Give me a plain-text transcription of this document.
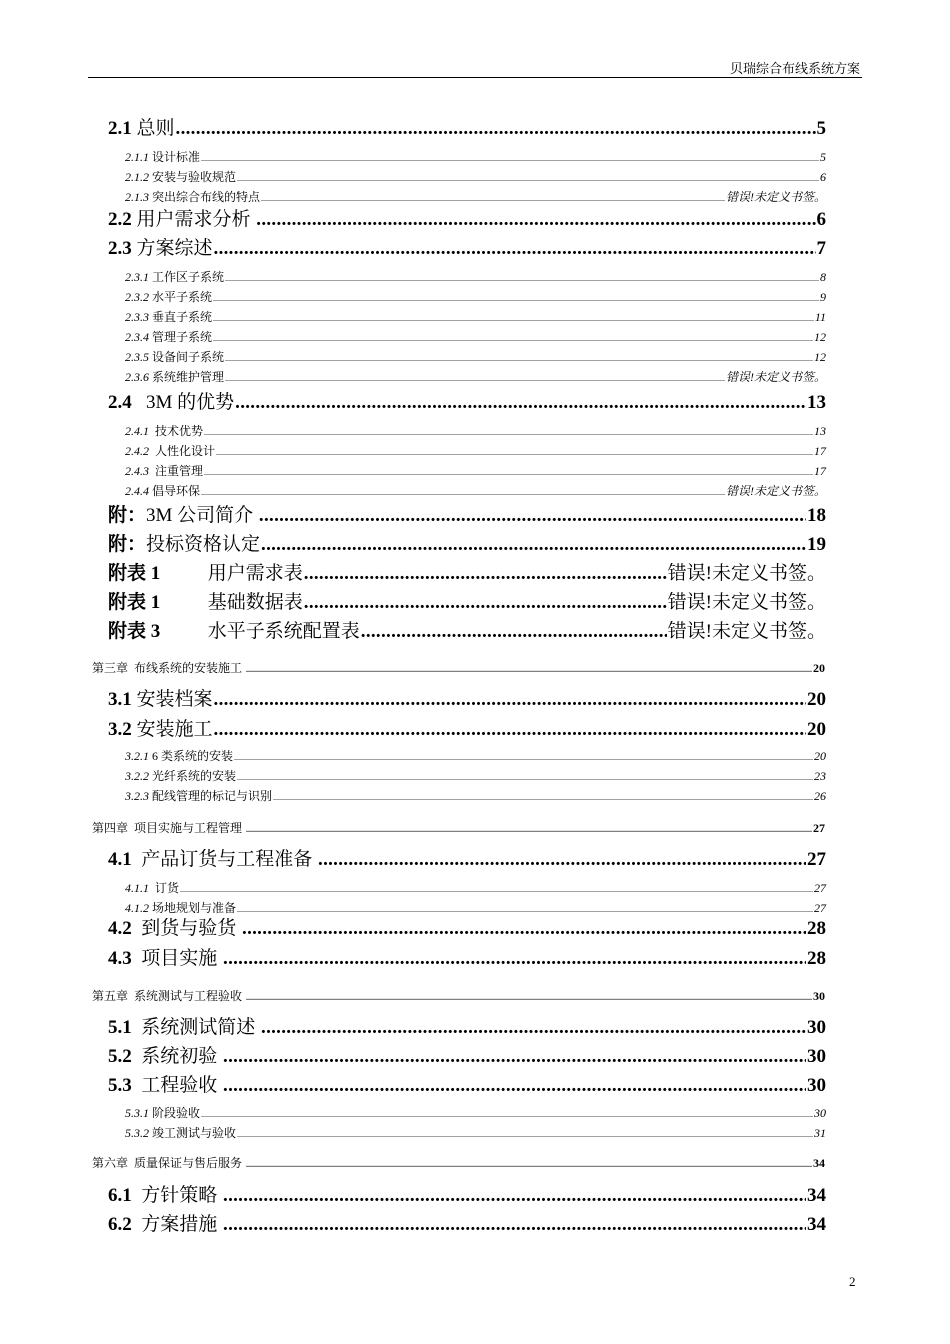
贝瑞综合布线系统方案
2.1 总则 .....	5
2.1.1 设计标准 .....	5
2.1.2 安装与验收规范 .....	6
2.1.3 突出综合布线的特点 .....	错误!未定义书签。
2.2 用户需求分析 .....	6
2.3 方案综述 .....	7
2.3.1 工作区子系统 .....	8
2.3.2 水平子系统 .....	9
2.3.3 垂直子系统 .....	11
2.3.4 管理子系统 .....	12
2.3.5 设备间子系统 .....	12
2.3.6 系统维护管理 .....	错误!未定义书签。
2.4 3M 的优势 .....	13
2.4.1 技术优势 .....	13
2.4.2 人性化设计 .....	17
2.4.3 注重管理 .....	17
2.4.4 倡导环保 .....	错误!未定义书签。
附： 3M 公司简介 .....	18
附： 投标资格认定 .....	19
附表 1 用户需求表 .....	错误!未定义书签。
附表 1 基础数据表 .....	错误!未定义书签。
附表 3 水平子系统配置表 .....	错误!未定义书签。
第三章 布线系统的安装施工 .....	20
3.1 安装档案 .....	20
3.2 安装施工 .....	20
3.2.1 6 类系统的安装 .....	20
3.2.2 光纤系统的安装 .....	23
3.2.3 配线管理的标记与识别 .....	26
第四章 项目实施与工程管理 .....	27
4.1 产品订货与工程准备 .....	27
4.1.1 订货 .....	27
4.1.2 场地规划与准备 .....	27
4.2 到货与验货 .....	28
4.3 项目实施 .....	28
第五章 系统测试与工程验收 .....	30
5.1 系统测试简述 .....	30
5.2 系统初验 .....	30
5.3 工程验收 .....	30
5.3.1 阶段验收 .....	30
5.3.2 竣工测试与验收 .....	31
第六章 质量保证与售后服务 .....	34
6.1 方针策略 .....	34
6.2 方案措施 .....	34
2
